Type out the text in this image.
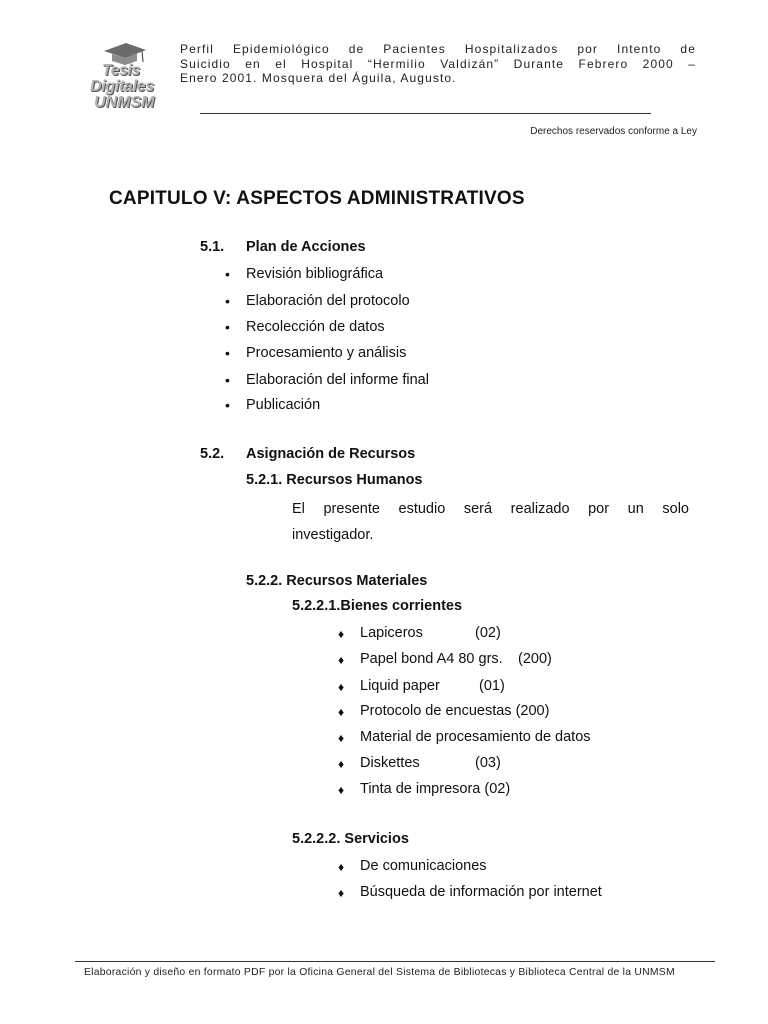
Tesis
Digitales
UNMSM
Perfil Epidemiológico de Pacientes Hospitalizados por Intento de
Suicidio en el Hospital “Hermilio Valdizán” Durante Febrero 2000 –
Enero 2001. Mosquera del Águila, Augusto.
Derechos reservados conforme a Ley
CAPITULO V: ASPECTOS ADMINISTRATIVOS
5.1. Plan de Acciones
• Revisión bibliográfica
• Elaboración del protocolo
• Recolección de datos
• Procesamiento y análisis
• Elaboración del informe final
• Publicación
5.2. Asignación de Recursos
5.2.1. Recursos Humanos
El presente estudio será realizado por un solo
investigador.
5.2.2. Recursos Materiales
5.2.2.1.Bienes corrientes
♦ Lapiceros	(02)
♦ Papel bond A4 80 grs. (200)
♦ Liquid paper	(01)
♦ Protocolo de encuestas (200)
♦ Material de procesamiento de datos
♦ Diskettes	(03)
♦ Tinta de impresora (02)
5.2.2.2. Servicios
♦ De comunicaciones
♦ Búsqueda de información por internet
Elaboración y diseño en formato PDF por la Oficina General del Sistema de Bibliotecas y Biblioteca Central de la UNMSM
